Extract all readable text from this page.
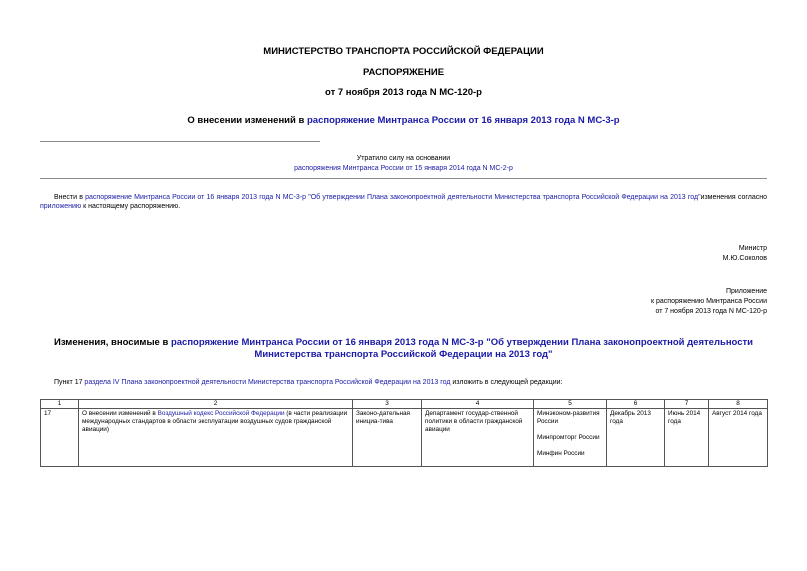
МИНИСТЕРСТВО ТРАНСПОРТА РОССИЙСКОЙ ФЕДЕРАЦИИ
РАСПОРЯЖЕНИЕ
от 7 ноября 2013 года N МС-120-р
О внесении изменений в распоряжение Минтранса России от 16 января 2013 года N МС-3-р
Утратило силу на основании
распоряжения Минтранса России от 15 января 2014 года N МС-2-р
Внести в распоряжение Минтранса России от 16 января 2013 года N МС-3-р "Об утверждении Плана законопроектной деятельности Министерства транспорта Российской Федерации на 2013 год"изменения согласно приложению к настоящему распоряжению.
Министр
М.Ю.Соколов
Приложение
к распоряжению Минтранса России
от 7 ноября 2013 года N МС-120-р
Изменения, вносимые в распоряжение Минтранса России от 16 января 2013 года N МС-3-р "Об утверждении Плана законопроектной деятельности Министерства транспорта Российской Федерации на 2013 год"
Пункт 17 раздела IV Плана законопроектной деятельности Министерства транспорта Российской Федерации на 2013 год изложить в следующей редакции:
1	2	3	4	5	6	7	8
17	О внесении изменений в Воздушный кодекс Российской Федерации (в части реализации международных стандартов в области эксплуатации воздушных судов гражданской авиации)	Законо-дательная инициа-тива	Департамент государ-ственной политики в области гражданской авиации	Минэконом-развития России
Минпромторг России
Минфин России	Декабрь 2013 года	Июнь 2014 года	Август 2014 года
